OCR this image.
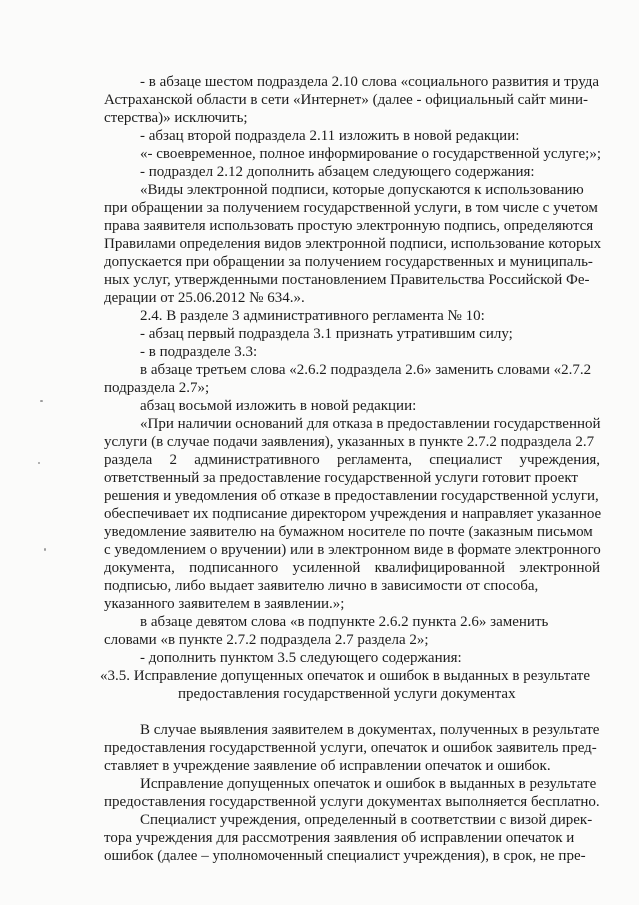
- в абзаце шестом подраздела 2.10 слова «социального развития и труда
Астраханской области в сети «Интернет» (далее - официальный сайт мини-
стерства)» исключить;
- абзац второй подраздела 2.11 изложить в новой редакции:
«- своевременное, полное информирование о государственной услуге;»;
- подраздел 2.12 дополнить абзацем следующего содержания:
«Виды электронной подписи, которые допускаются к использованию
при обращении за получением государственной услуги, в том числе с учетом
права заявителя использовать простую электронную подпись, определяются
Правилами определения видов электронной подписи, использование которых
допускается при обращении за получением государственных и муниципаль-
ных услуг, утвержденными постановлением Правительства Российской Фе-
дерации от 25.06.2012 № 634.».
2.4. В разделе 3 административного регламента № 10:
- абзац первый подраздела 3.1 признать утратившим силу;
- в подразделе 3.3:
в абзаце третьем слова «2.6.2 подраздела 2.6» заменить словами «2.7.2
подраздела 2.7»;
абзац восьмой изложить в новой редакции:
«При наличии оснований для отказа в предоставлении государственной
услуги (в случае подачи заявления), указанных в пункте 2.7.2 подраздела 2.7
раздела 2 административного регламента, специалист учреждения,
ответственный за предоставление государственной услуги готовит проект
решения и уведомления об отказе в предоставлении государственной услуги,
обеспечивает их подписание директором учреждения и направляет указанное
уведомление заявителю на бумажном носителе по почте (заказным письмом
с уведомлением о вручении) или в электронном виде в формате электронного
документа, подписанного усиленной квалифицированной электронной
подписью, либо выдает заявителю лично в зависимости от способа,
указанного заявителем в заявлении.»;
в абзаце девятом слова «в подпункте 2.6.2 пункта 2.6» заменить
словами «в пункте 2.7.2 подраздела 2.7 раздела 2»;
- дополнить пунктом 3.5 следующего содержания:
«3.5. Исправление допущенных опечаток и ошибок в выданных в результате
предоставления государственной услуги документах
В случае выявления заявителем в документах, полученных в результате
предоставления государственной услуги, опечаток и ошибок заявитель пред-
ставляет в учреждение заявление об исправлении опечаток и ошибок.
Исправление допущенных опечаток и ошибок в выданных в результате
предоставления государственной услуги документах выполняется бесплатно.
Специалист учреждения, определенный в соответствии с визой дирек-
тора учреждения для рассмотрения заявления об исправлении опечаток и
ошибок (далее – уполномоченный специалист учреждения), в срок, не пре-
